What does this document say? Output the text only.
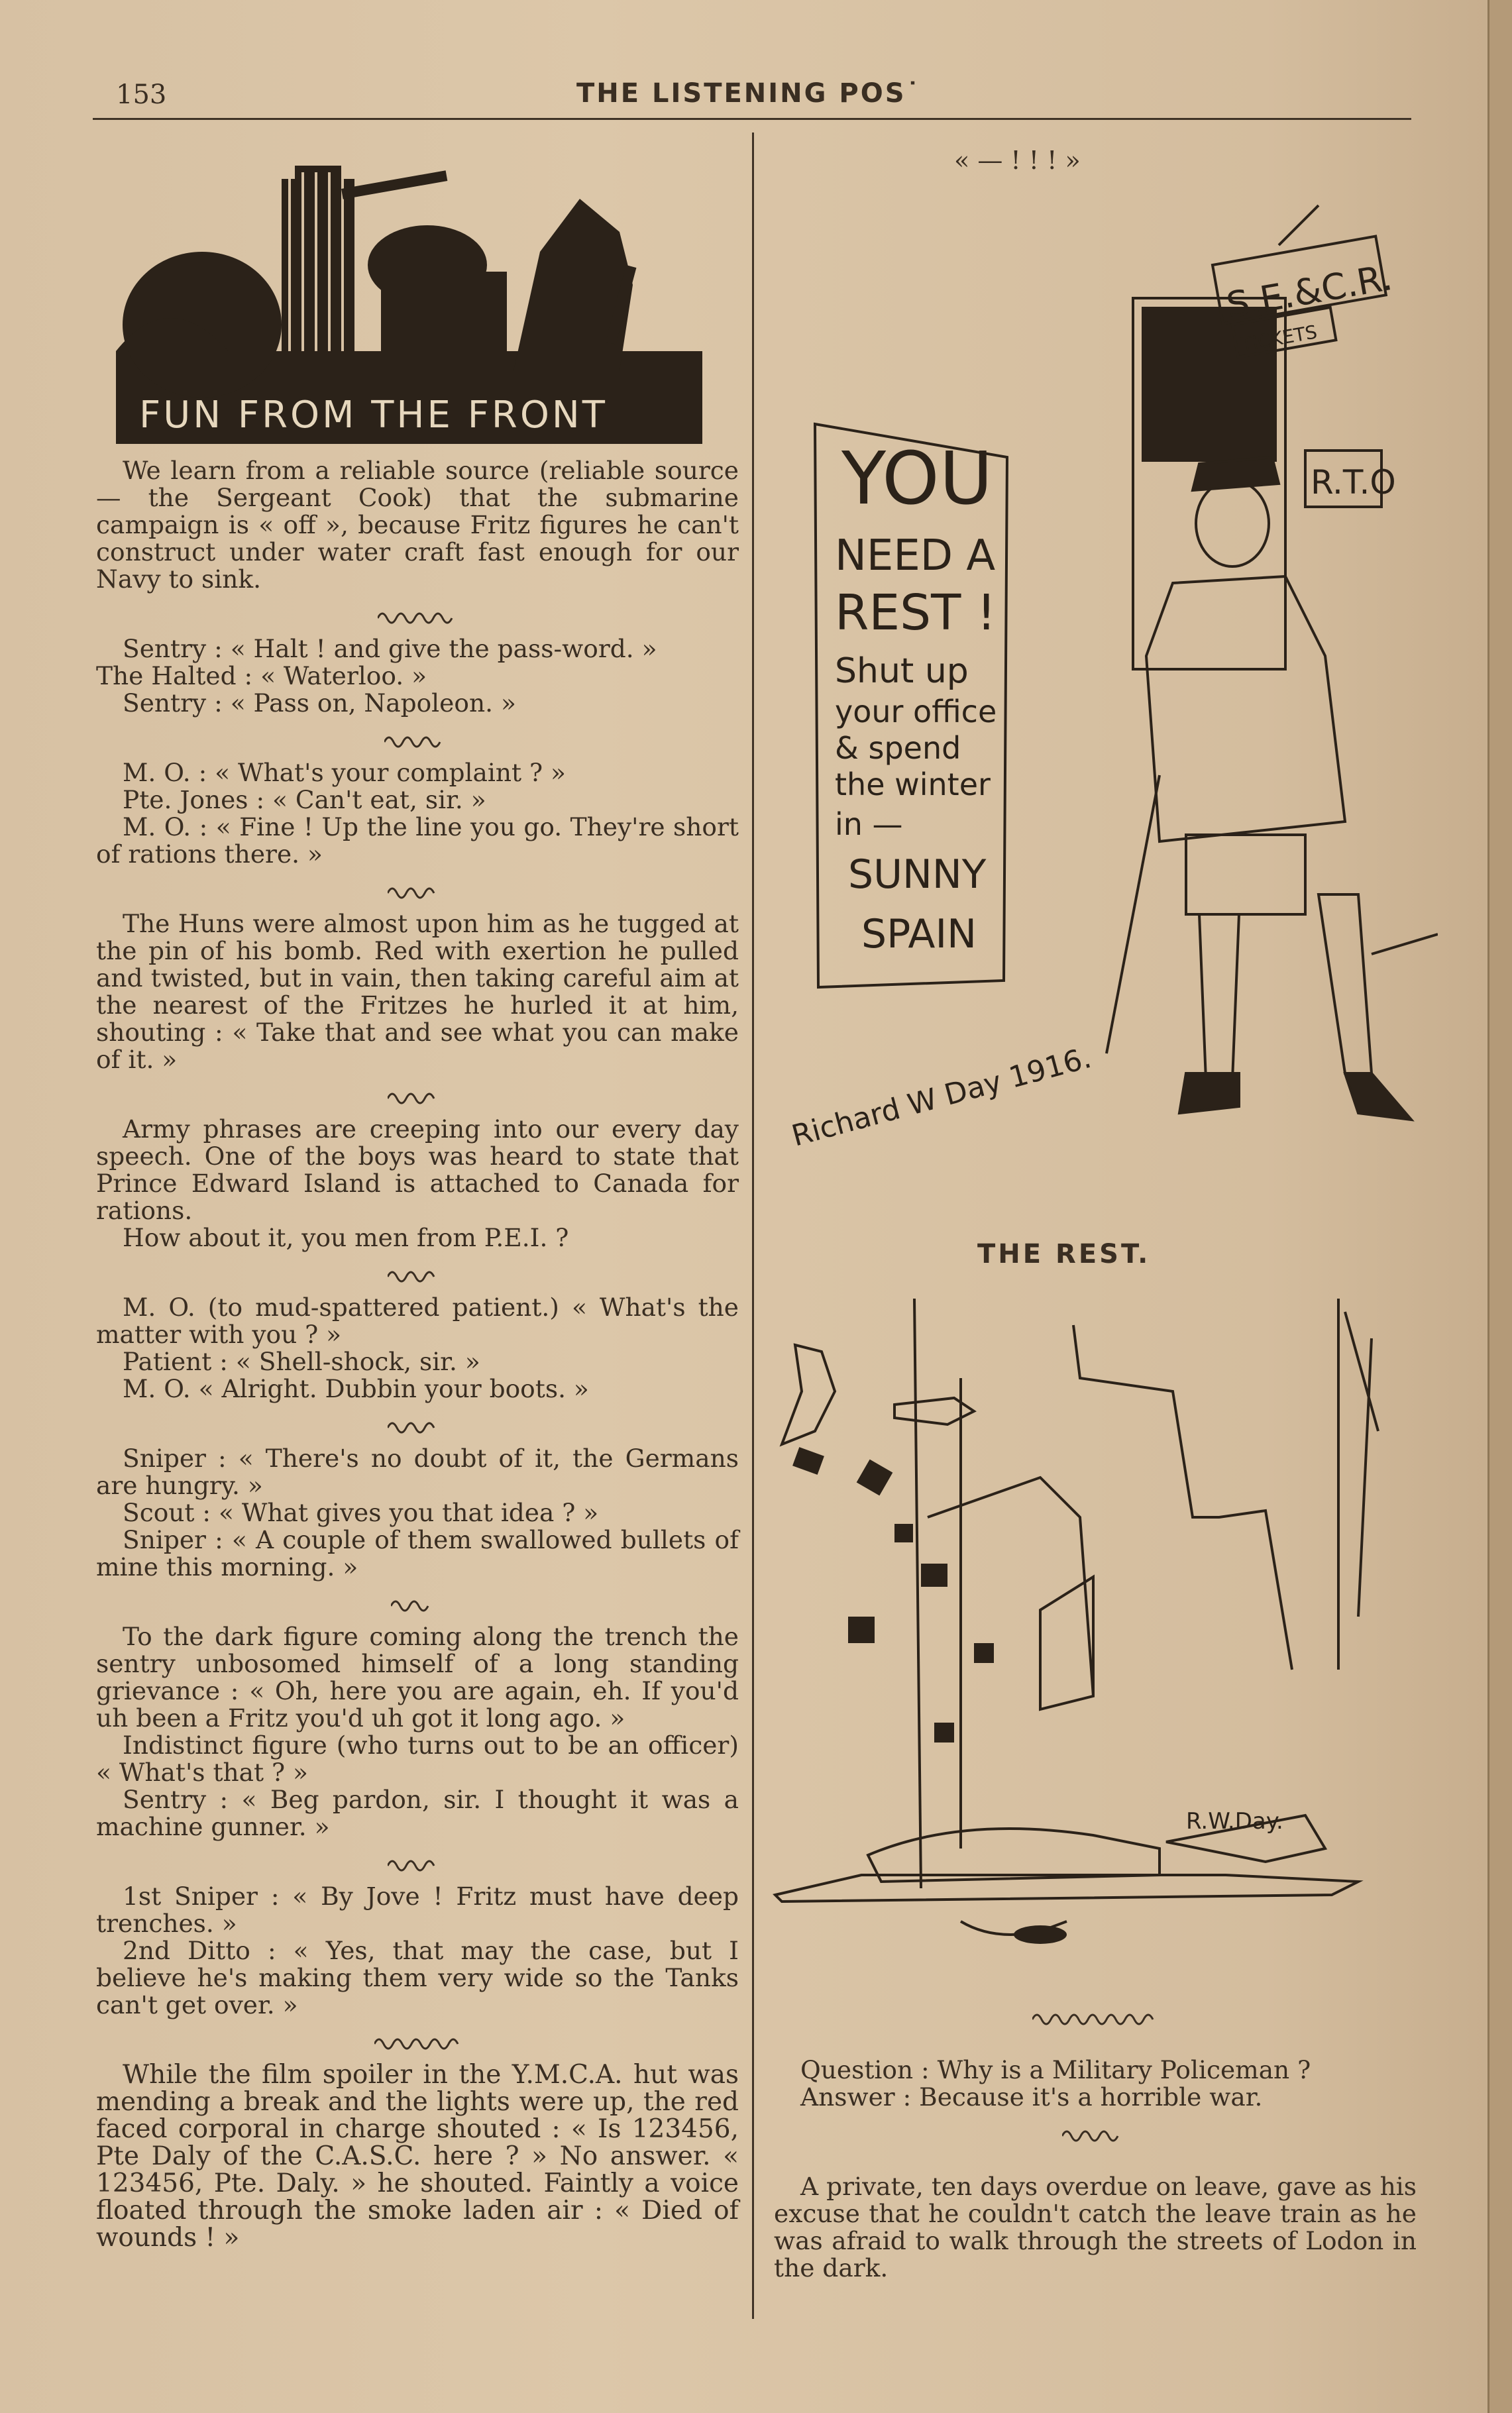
153	THE LISTENING POS˙
FUN FROM THE FRONT

We learn from a reliable source (reliable source — the Sergeant Cook) that the submarine campaign is « off », because Fritz figures he can't construct under water craft fast enough for our Navy to sink.

Sentry : « Halt ! and give the pass-word. »

The Halted : « Waterloo. »

Sentry : « Pass on, Napoleon. »

M. O. : « What's your complaint ? »

Pte. Jones : « Can't eat, sir. »

M. O. : « Fine ! Up the line you go. They're short of rations there. »

The Huns were almost upon him as he tugged at the pin of his bomb. Red with exertion he pulled and twisted, but in vain, then taking careful aim at the nearest of the Fritzes he hurled it at him, shouting : « Take that and see what you can make of it. »

Army phrases are creeping into our every day speech. One of the boys was heard to state that Prince Edward Island is attached to Canada for rations.

How about it, you men from P.E.I. ?

M. O. (to mud-spattered patient.) « What's the matter with you ? »

Patient : « Shell-shock, sir. »

M. O. « Alright. Dubbin your boots. »

Sniper : « There's no doubt of it, the Germans are hungry. »

Scout : « What gives you that idea ? »

Sniper : « A couple of them swallowed bullets of mine this morning. »

To the dark figure coming along the trench the sentry unbosomed himself of a long standing grievance : « Oh, here you are again, eh. If you'd uh been a Fritz you'd uh got it long ago. »

Indistinct figure (who turns out to be an officer) « What's that ? »

Sentry : « Beg pardon, sir. I thought it was a machine gunner. »

1st Sniper : « By Jove ! Fritz must have deep trenches. »

2nd Ditto : « Yes, that may the case, but I believe he's making them very wide so the Tanks can't get over. »

While the film spoiler in the Y.M.C.A. hut was mending a break and the lights were up, the red faced corporal in charge shouted : « Is 123456, Pte Daly of the C.A.S.C. here ? » No answer. « 123456, Pte. Daly. » he shouted. Faintly a voice floated through the smoke laden air : « Died of wounds ! »

« — ! ! ! »
YOU
NEED A
REST !
Shut up
your office
& spend
the winter
in —
SUNNY
SPAIN
S.E.&C.R.
TICKETS
R.T.O
Richard W Day 1916.
THE REST.
R.W.Day.

Question : Why is a Military Policeman ?

Answer : Because it's a horrible war.

A private, ten days overdue on leave, gave as his excuse that he couldn't catch the leave train as he was afraid to walk through the streets of Lodon in the dark.
